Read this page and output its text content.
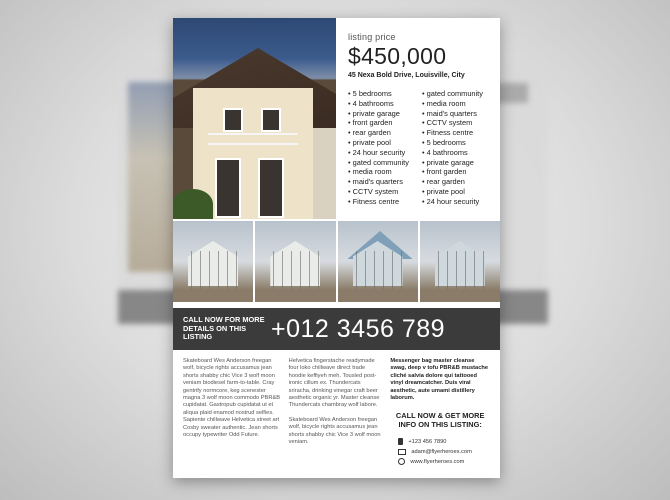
listing price
$450,000
45 Nexa Bold Drive, Louisville, City
• 5 bedrooms
• 4 bathrooms
• private garage
• front garden
• rear garden
• private pool
• 24 hour security
• gated community
• media room
• maid's quarters
• CCTV system
• Fitness centre
• gated community
• media room
• maid's quarters
• CCTV system
• Fitness centre
• 5 bedrooms
• 4 bathrooms
• private garage
• front garden
• rear garden
• private pool
• 24 hour security
CALL NOW FOR MORE DETAILS ON THIS LISTING	+012 3456 789

Skateboard Wes Anderson freegan wolf, bicycle rights accusamus jean shorts shabby chic Vice 3 wolf moon veniam biodiesel farm-to-table. Cray gentrify normcore, keg scenester magna 3 wolf moon commodo PBR&B cupidatat. Gastropub cupidatat ut et aliqua plaid enamod nostrud selfies. Sapiente chillwave Helvetica street art Cosby sweater authentic. Jean shorts occupy typewriter Odd Future.

Helvetica fingerstache readymade four loko chillwave direct trade hoodie keffiyeh meh. Tousled post-ironic cillum ex. Thundercats sriracha, drinking vinegar craft beer aesthetic organic yr. Master cleanse Thundercats chambray wolf labore.

Skateboard Wes Anderson freegan wolf, bicycle rights accusamus jean shorts shabby chic Vice 3 wolf moon veniam.

Messenger bag master cleanse swag, deep v tofu PBR&B mustache cliché salvia dolore qui tattooed vinyl dreamcatcher. Duis viral aesthetic, aute umami distillery laborum.

CALL NOW & GET MORE INFO ON THIS LISTING:
+123 456 7890
adam@flyerheroes.com
www.flyerheroes.com
